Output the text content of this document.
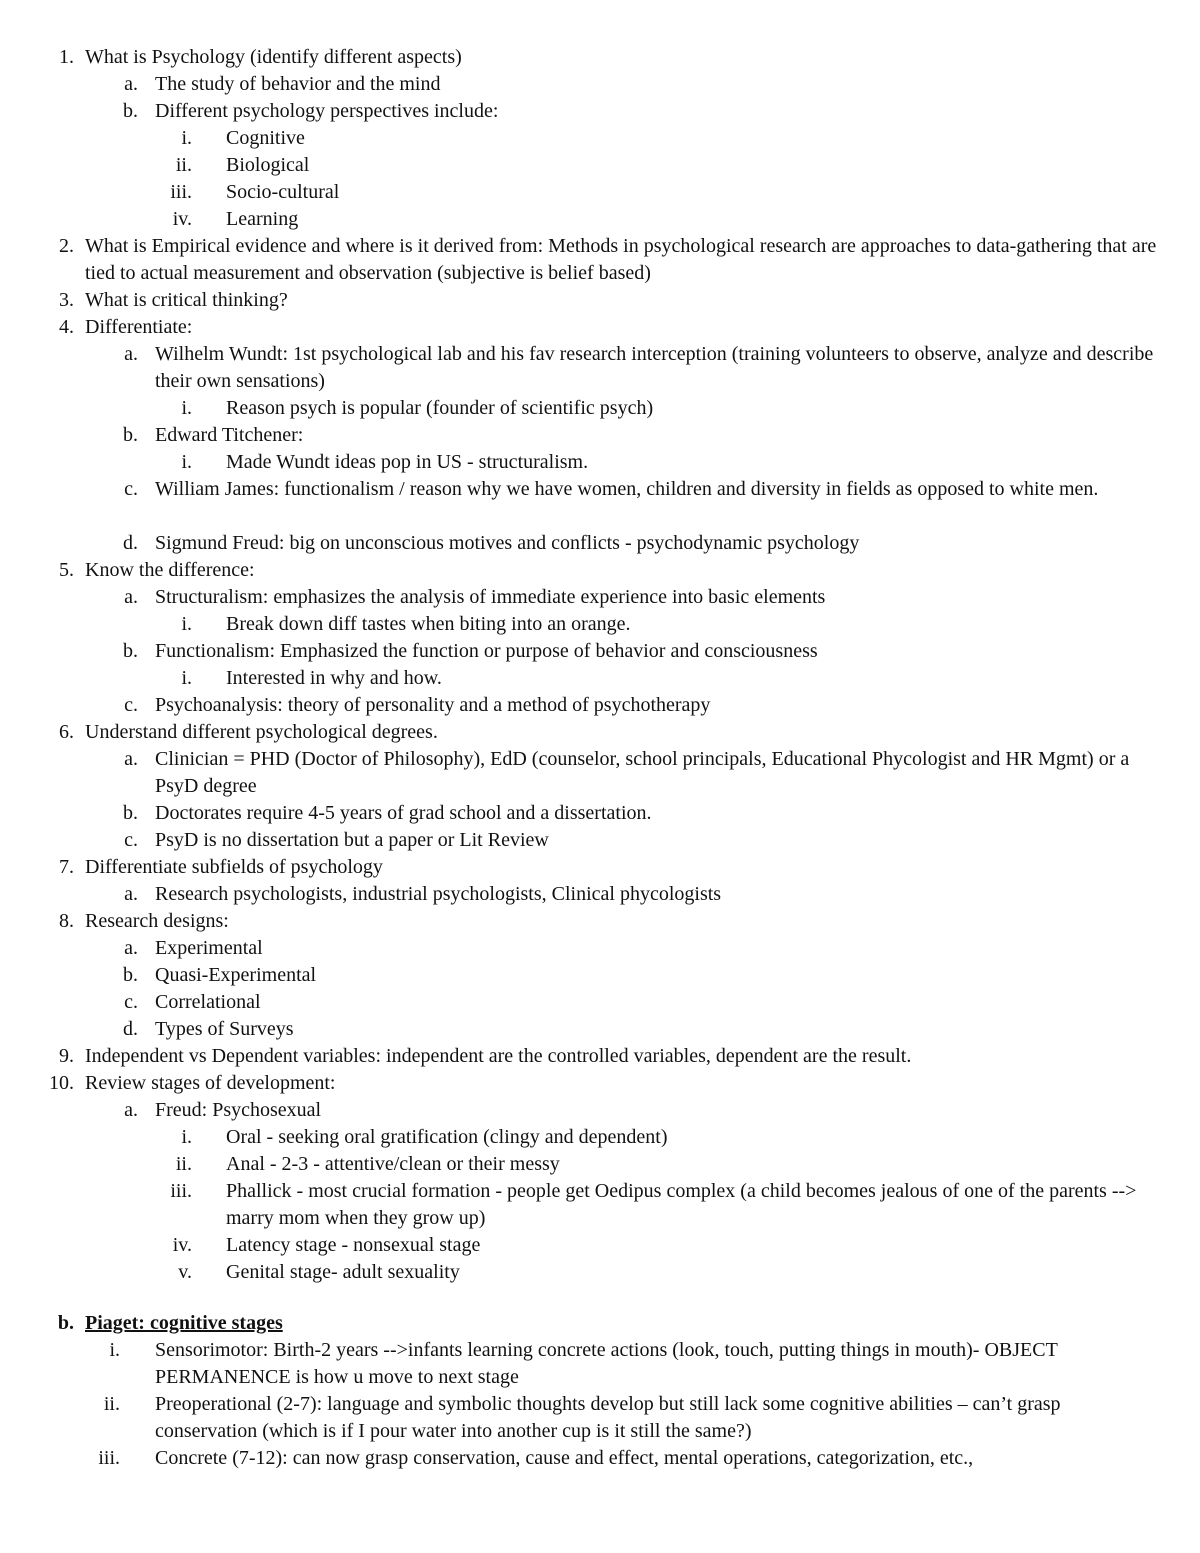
1. What is Psychology (identify different aspects)
a. The study of behavior and the mind
b. Different psychology perspectives include:
i. Cognitive
ii. Biological
iii. Socio-cultural
iv. Learning
2. What is Empirical evidence and where is it derived from: Methods in psychological research are approaches to data-gathering that are tied to actual measurement and observation (subjective is belief based)
3. What is critical thinking?
4. Differentiate:
a. Wilhelm Wundt: 1st psychological lab and his fav research interception (training volunteers to observe, analyze and describe their own sensations)
i. Reason psych is popular (founder of scientific psych)
b. Edward Titchener:
i. Made Wundt ideas pop in US - structuralism.
c. William James: functionalism / reason why we have women, children and diversity in fields as opposed to white men.
d. Sigmund Freud: big on unconscious motives and conflicts - psychodynamic psychology
5. Know the difference:
a. Structuralism: emphasizes the analysis of immediate experience into basic elements
i. Break down diff tastes when biting into an orange.
b. Functionalism: Emphasized the function or purpose of behavior and consciousness
i. Interested in why and how.
c. Psychoanalysis: theory of personality and a method of psychotherapy
6. Understand different psychological degrees.
a. Clinician = PHD (Doctor of Philosophy), EdD (counselor, school principals, Educational Phycologist and HR Mgmt) or a PsyD degree
b. Doctorates require 4-5 years of grad school and a dissertation.
c. PsyD is no dissertation but a paper or Lit Review
7. Differentiate subfields of psychology
a. Research psychologists, industrial psychologists, Clinical phycologists
8. Research designs:
a. Experimental
b. Quasi-Experimental
c. Correlational
d. Types of Surveys
9. Independent vs Dependent variables: independent are the controlled variables, dependent are the result.
10. Review stages of development:
a. Freud: Psychosexual
i. Oral - seeking oral gratification (clingy and dependent)
ii. Anal - 2-3 - attentive/clean or their messy
iii. Phallick - most crucial formation - people get Oedipus complex (a child becomes jealous of one of the parents --> marry mom when they grow up)
iv. Latency stage - nonsexual stage
v. Genital stage- adult sexuality
b. Piaget: cognitive stages
i. Sensorimotor: Birth-2 years -->infants learning concrete actions (look, touch, putting things in mouth)- OBJECT PERMANENCE is how u move to next stage
ii. Preoperational (2-7): language and symbolic thoughts develop but still lack some cognitive abilities – can’t grasp conservation (which is if I pour water into another cup is it still the same?)
iii. Concrete (7-12): can now grasp conservation, cause and effect, mental operations, categorization, etc.,
